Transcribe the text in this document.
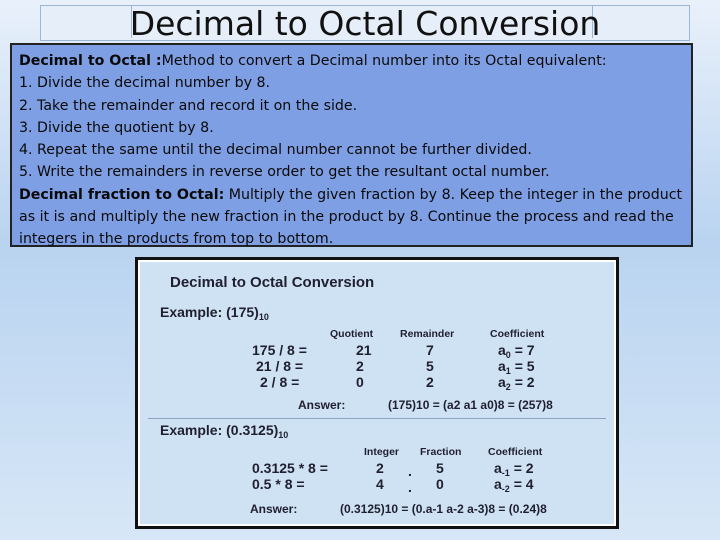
Decimal to Octal Conversion

Decimal to Octal :Method to convert a Decimal number into its Octal equivalent:

1. Divide the decimal number by 8.

2. Take the remainder and record it on the side.

3. Divide the quotient by 8.

4. Repeat the same until the decimal number cannot be further divided.

5. Write the remainders in reverse order to get the resultant octal number.

Decimal fraction to Octal: Multiply the given fraction by 8. Keep the integer in the product as it is and multiply the new fraction in the product by 8. Continue the process and read the integers in the products from top to bottom.

Decimal to Octal Conversion
Example: $(175)_{10}$
Quotient	Remainder	Coefficient
175 / 8 =	21	7	$a_0 = 7$
21 / 8 =	2	5	$a_1 = 5$
2 / 8 =	0	2	$a_2 = 2$
Answer:	(175)10 = (a2 a1 a0)8 = (257)8
Example: $(0.3125)_{10}$
Integer Fraction	Coefficient
0.3125 * 8 =	2 . 5	$a_{-1} = 2$
0.5 * 8 =	4 . 0	$a_{-2} = 4$
Answer:	(0.3125)10 = (0.a-1 a-2 a-3)8 = (0.24)8
